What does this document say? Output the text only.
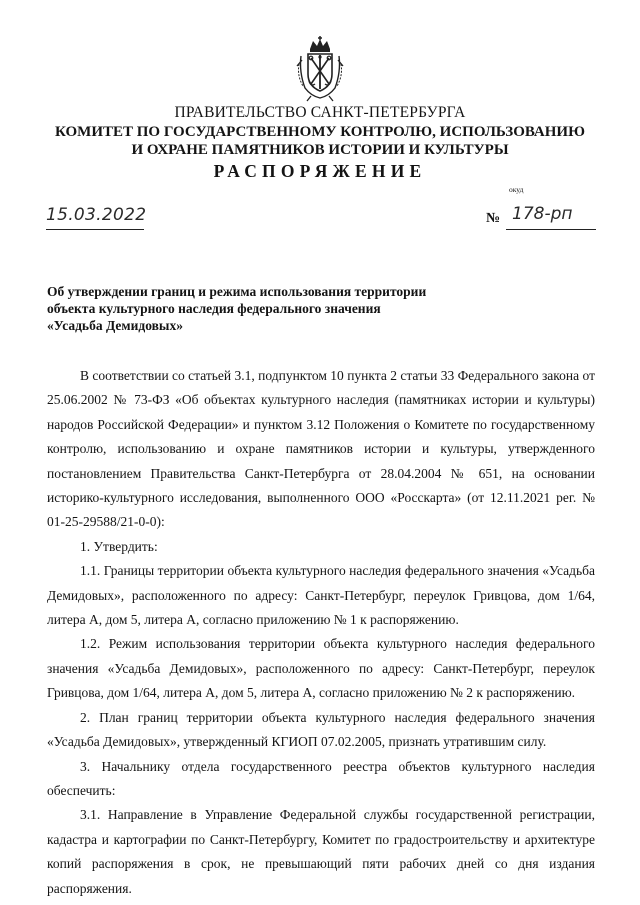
ПРАВИТЕЛЬСТВО САНКТ-ПЕТЕРБУРГА
КОМИТЕТ ПО ГОСУДАРСТВЕННОМУ КОНТРОЛЮ, ИСПОЛЬЗОВАНИЮ
И ОХРАНЕ ПАМЯТНИКОВ ИСТОРИИ И КУЛЬТУРЫ
РАСПОРЯЖЕНИЕ
окуд
15.03.2022	№ 178-рп
Об утверждении границ и режима использования территории
объекта культурного наследия федерального значения
«Усадьба Демидовых»

В соответствии со статьей 3.1, подпунктом 10 пункта 2 статьи 33 Федерального закона от 25.06.2002 № 73-ФЗ «Об объектах культурного наследия (памятниках истории и культуры) народов Российской Федерации» и пунктом 3.12 Положения о Комитете по государственному контролю, использованию и охране памятников истории и культуры, утвержденного постановлением Правительства Санкт-Петербурга от 28.04.2004 № 651, на основании историко-культурного исследования, выполненного ООО «Росскарта» (от 12.11.2021 рег. № 01-25-29588/21-0-0):

1. Утвердить:

1.1. Границы территории объекта культурного наследия федерального значения «Усадьба Демидовых», расположенного по адресу: Санкт-Петербург, переулок Гривцова, дом 1/64, литера А, дом 5, литера А, согласно приложению № 1 к распоряжению.

1.2. Режим использования территории объекта культурного наследия федерального значения «Усадьба Демидовых», расположенного по адресу: Санкт-Петербург, переулок Гривцова, дом 1/64, литера А, дом 5, литера А, согласно приложению № 2 к распоряжению.

2. План границ территории объекта культурного наследия федерального значения «Усадьба Демидовых», утвержденный КГИОП 07.02.2005, признать утратившим силу.

3. Начальнику отдела государственного реестра объектов культурного наследия обеспечить:

3.1. Направление в Управление Федеральной службы государственной регистрации, кадастра и картографии по Санкт-Петербургу, Комитет по градостроительству и архитектуре копий распоряжения в срок, не превышающий пяти рабочих дней со дня издания распоряжения.
